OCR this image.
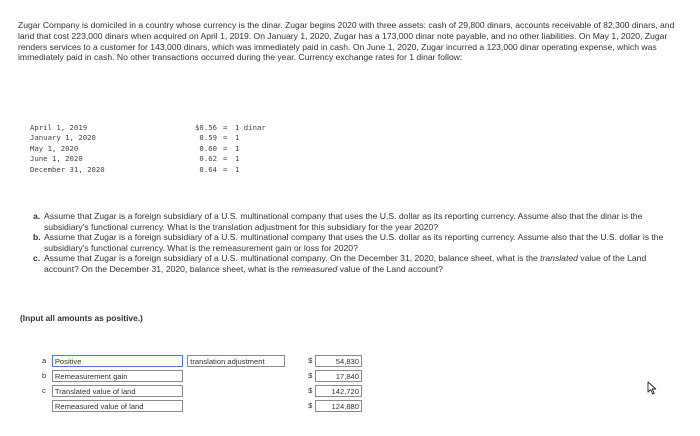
Zugar Company is domiciled in a country whose currency is the dinar. Zugar begins 2020 with three assets: cash of 29,800 dinars, accounts receivable of 82,300 dinars, and land that cost 223,000 dinars when acquired on April 1, 2019. On January 1, 2020, Zugar has a 173,000 dinar note payable, and no other liabilities. On May 1, 2020, Zugar renders services to a customer for 143,000 dinars, which was immediately paid in cash. On June 1, 2020, Zugar incurred a 123,000 dinar operating expense, which was immediately paid in cash. No other transactions occurred during the year. Currency exchange rates for 1 dinar follow:
April 1, 2019	$0.56 = 1 dinar
January 1, 2020	0.59 = 1
May 1, 2020	0.60 = 1
June 1, 2020	0.62 = 1
December 31, 2020	0.64 = 1
a. Assume that Zugar is a foreign subsidiary of a U.S. multinational company that uses the U.S. dollar as its reporting currency. Assume also that the dinar is the subsidiary's functional currency. What is the translation adjustment for this subsidiary for the year 2020?
b. Assume that Zugar is a foreign subsidiary of a U.S. multinational company that uses the U.S. dollar as its reporting currency. Assume also that the U.S. dollar is the subsidiary's functional currency. What is the remeasurement gain or loss for 2020?
c. Assume that Zugar is a foreign subsidiary of a U.S. multinational company. On the December 31, 2020, balance sheet, what is the translated value of the Land account? On the December 31, 2020, balance sheet, what is the remeasured value of the Land account?
(Input all amounts as positive.)
a	Positive	translation adjustment	$	54,830

b	Remeasurement gain		$	17,840

c	Translated value of land		$	142,720

	Remeasured value of land		$	124,880
